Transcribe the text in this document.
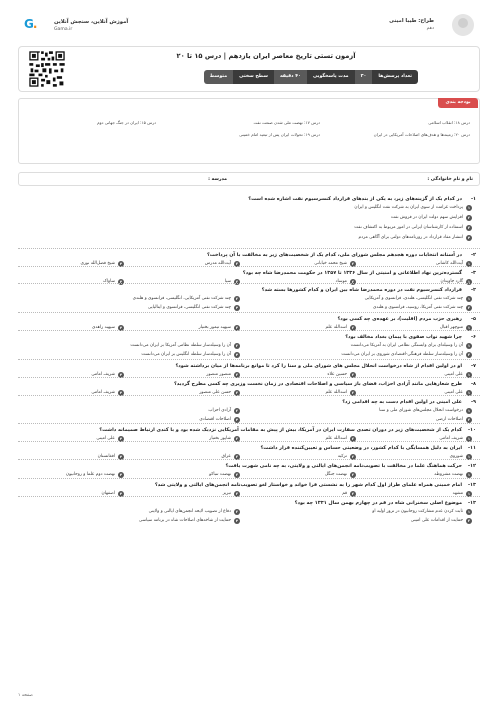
طراح: طیبا امینی
دهم
آموزش آنلاین، سنجش آنلاین
Gama.ir
G.
آزمون تستی تاریخ معاصر ایران یازدهم | درس ۱۵ تا ۲۰
تعداد پرسش‌ها
۳۰
مدت پاسخگویی
۴۰ دقیقه
سطح سختی
متوسط
بودجه بندی
درس ۱۸: انقلاب اسلامی
درس ۱۷: نهضت ملی شدن صنعت نفت
درس ۱۵: ایران در جنگ جهانی دوم
درس ۲۰: زمینه‌ها و هدف‌های اصلاحات آمریکایی در ایران
درس ۱۹: تحولات ایران پس از تبعید امام خمینی
نام و نام خانوادگی :
مدرسه :
۱-
در کدام یک از گزینه‌های زیر، به یکی از بندهای قرارداد کنسرسیوم نفت اشاره شده است؟
۱
پرداخت غرامت از سوی ایران به شرکت نفت انگلیس و ایران
۲
افزایش سهم دولت ایران در فروش نفت
۳
استفاده از کارشناسان ایرانی در امور مربوط به اکتشاف نفت
۴
انتشار مفاد قرارداد در روزنامه‌های دولتی برای آگاهی مردم
۲-
در آستانه انتخابات دوره هجدهم مجلس شورای ملی، کدام یک از شخصیت‌های زیر به مخالفت با آن پرداخت؟
۱
آیت‌الله کاشانی
۲
شیخ محمد خیابانی
۳
آیت‌الله مدرس
۴
شیخ فضل‌الله نوری
۳-
گسترده‌ترین نهاد اطلاعاتی و امنیتی از سال ۱۳۳۶ تا ۱۳۵۷ در حکومت محمدرضا شاه چه بود؟
۱
گارد جاویدان
۲
موساد
۳
سیا
۴
ساواک
۴-
قرارداد کنسرسیوم نفت در دوره محمدرضا شاه بین ایران و کدام کشورها بسته شد؟
۱
چند شرکت نفتی انگلیسی، هلندی، فرانسوی و آمریکایی
۲
چند شرکت نفتی آمریکایی، انگلیسی، فرانسوی و هلندی
۳
چند شرکت نفتی آمریکا، روسیه، فرانسوی و هلندی
۴
چند شرکت نفتی انگلیسی، فرانسوی و ایتالیایی
۵-
رهبری حزب مردم (اقلیت)، بر عهده‌ی چه کسی بود؟
۱
منوچهر اقبال
۲
اسدالله علم
۳
سپهبد تیمور بختیار
۴
سپهبد زاهدی
۶-
چرا شهید نواب صفوی با پیمان بغداد مخالف بود؟
۱
آن را وسیله‌ای برای وابستگی نظامی ایران به آمریکا می‌دانست
۲
آن را وسیله‌ساز سلطه نظامی آمریکا بر ایران می‌دانست
۳
آن را وسیله‌ساز سلطه فرهنگی-اقتصادی شوروی بر ایران می‌دانست
۴
آن را وسیله‌ساز سلطه انگلیس بر ایران می‌دانست
۷-
او در اولین اقدام از شاه درخواست انحلال مجلس های شورای ملی و سنا را کرد تا موانع برنامه‌ها از میان برداشته شود؟
۱
علی امینی
۲
حسین علاء
۳
منصور منصور
۴
شریف امامی
۸-
طرح شعارهایی مانند آزادی احزاب، قضای باز سیاسی و اصلاحات اقتصادی در زمان نخست وزیری چه کسی مطرح گردید؟
۱
علی امینی
۲
اسدالله علم
۳
حسن علی منصور
۴
شریف امامی
۹-
علی امینی در اولین اقدام دست به چه اقدامی زد؟
۱
درخواست انحلال مجلس‌های شورای ملی و سنا
۲
آزادی احزاب
۳
اصلاحات ارضی
۴
اصلاحات اقتصادی
۱۰-
کدام یک از شخصیت‌های زیر در دوران تصدی سفارت ایران در آمریکا، بیش از پیش به مقامات آمریکایی نزدیک شده بود و با کندی ارتباط صمیمانه داشت؟
۱
شریف امامی
۲
اسدالله علم
۳
شاپور بختیار
۴
علی امینی
۱۱-
ایران به دلیل همسایگی با کدام کشور، در وضعیتی حساس و تعیین‌کننده قرار داشت؟
۱
شوروی
۲
ترکیه
۳
عراق
۴
افغانستان
۱۲-
حرکت هماهنگ علما در مخالفت با تصویب‌نامه انجمن‌های ایالتی و ولایتی، به چه نامی شهرت یافت؟
۱
نهضت مشروطه
۲
نهضت جنگل
۳
نهضت تنباکو
۴
نهضت دوم علما و روحانیون
۱۳-
امام خمینی همراه علمای طراز اول کدام شهر را به نشستی فرا خواند و خواستار لغو تصویب‌نامه انجمن‌های ایالتی و ولایتی شد؟
۱
مشهد
۲
قم
۳
تبریز
۴
اصفهان
۱۴-
موضوع اصلی سخنرانی شاه در قم در چهارم بهمن سال ۱۳۴۱ چه بود؟
۱
ثابت کردن عدم مشارکت روحانیون در ترور اولیه او
۲
دفاع از تصویب لایحه انجمن‌های ایالتی و ولایتی
۳
حمایت از اقدامات علی امینی
۴
حمایت از شاخه‌های اصلاحات شاه در برنامه سیاسی
صفحه ۱
